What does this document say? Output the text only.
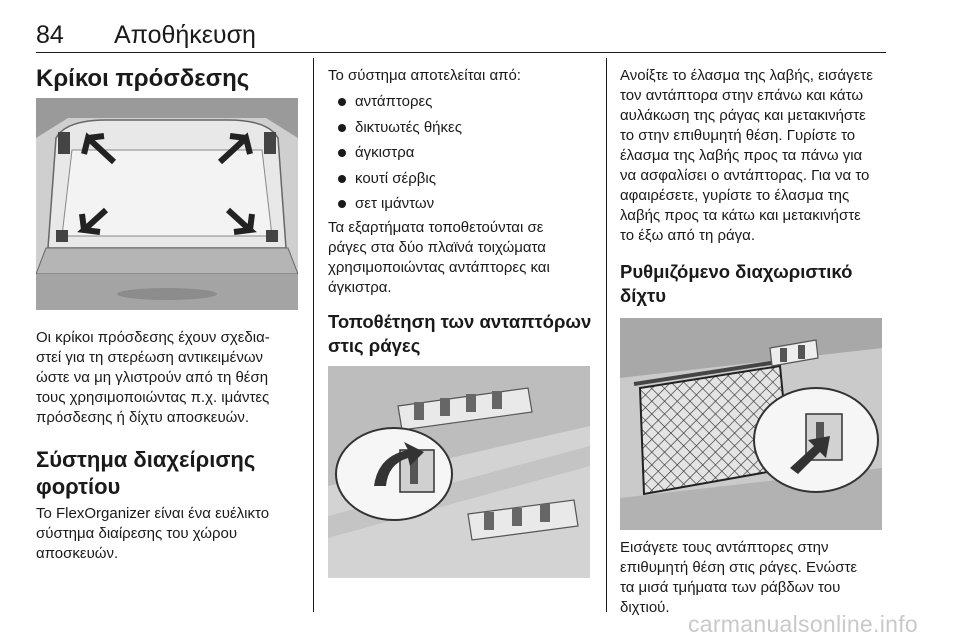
84 Αποθήκευση
Κρίκοι πρόσδεσης
Οι κρίκοι πρόσδεσης έχουν σχεδια-
στεί για τη στερέωση αντικειμένων
ώστε να μη γλιστρούν από τη θέση
τους χρησιμοποιώντας π.χ. ιμάντες
πρόσδεσης ή δίχτυ αποσκευών.
Σύστημα διαχείρισης
φορτίου
Το FlexOrganizer είναι ένα ευέλικτο
σύστημα διαίρεσης του χώρου
αποσκευών.
Το σύστημα αποτελείται από:
αντάπτορες
δικτυωτές θήκες
άγκιστρα
κουτί σέρβις
σετ ιμάντων
Τα εξαρτήματα τοποθετούνται σε
ράγες στα δύο πλαϊνά τοιχώματα
χρησιμοποιώντας αντάπτορες και
άγκιστρα.
Τοποθέτηση των ανταπτόρων
στις ράγες
Ανοίξτε το έλασμα της λαβής, εισάγετε
τον αντάπτορα στην επάνω και κάτω
αυλάκωση της ράγας και μετακινήστε
το στην επιθυμητή θέση. Γυρίστε το
έλασμα της λαβής προς τα πάνω για
να ασφαλίσει ο αντάπτορας. Για να το
αφαιρέσετε, γυρίστε το έλασμα της
λαβής προς τα κάτω και μετακινήστε
το έξω από τη ράγα.
Ρυθμιζόμενο διαχωριστικό δίχτυ
Εισάγετε τους αντάπτορες στην
επιθυμητή θέση στις ράγες. Ενώστε
τα μισά τμήματα των ράβδων του
διχτιού.
carmanualsonline.info
